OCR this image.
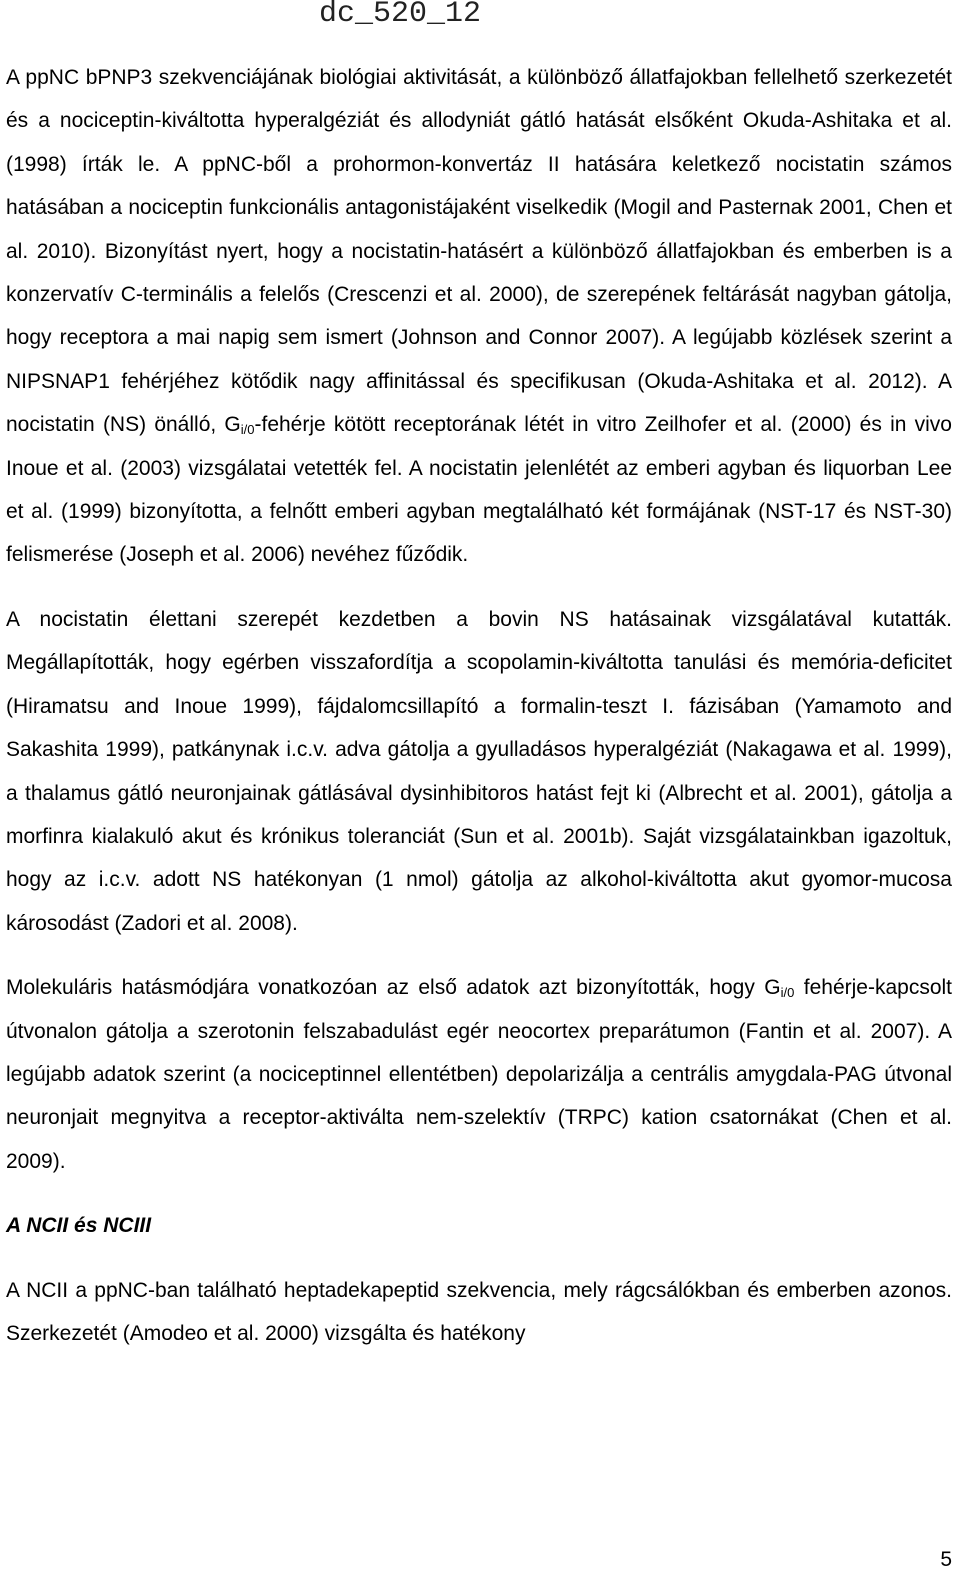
dc_520_12

A ppNC bPNP3 szekvenciájának biológiai aktivitását, a különböző állatfajokban fellelhető szerkezetét és a nociceptin-kiváltotta hyperalgéziát és allodyniát gátló hatását elsőként Okuda-Ashitaka et al.(1998) írták le. A ppNC-ből a prohormon-konvertáz II hatására keletkező nocistatin számos hatásában a nociceptin funkcionális antagonistájaként viselkedik (Mogil and Pasternak 2001, Chen et al. 2010). Bizonyítást nyert, hogy a nocistatin-hatásért a különböző állatfajokban és emberben is a konzervatív C-terminális a felelős (Crescenzi et al. 2000), de szerepének feltárását nagyban gátolja, hogy receptora a mai napig sem ismert (Johnson and Connor 2007). A legújabb közlések szerint a NIPSNAP1 fehérjéhez kötődik nagy affinitással és specifikusan (Okuda-Ashitaka et al. 2012). A nocistatin (NS) önálló, $G_{i/0}$-fehérje kötött receptorának létét in vitro Zeilhofer et al. (2000) és in vivo Inoue et al. (2003) vizsgálatai vetették fel. A nocistatin jelenlétét az emberi agyban és liquorban Lee et al. (1999) bizonyította, a felnőtt emberi agyban megtalálható két formájának (NST-17 és NST-30) felismerése (Joseph et al. 2006) nevéhez fűződik.

A nocistatin élettani szerepét kezdetben a bovin NS hatásainak vizsgálatával kutatták. Megállapították, hogy egérben visszafordítja a scopolamin-kiváltotta tanulási és memória-deficitet (Hiramatsu and Inoue 1999), fájdalomcsillapító a formalin-teszt I. fázisában (Yamamoto and Sakashita 1999), patkánynak i.c.v. adva gátolja a gyulladásos hyperalgéziát (Nakagawa et al. 1999), a thalamus gátló neuronjainak gátlásával dysinhibitoros hatást fejt ki (Albrecht et al. 2001), gátolja a morfinra kialakuló akut és krónikus toleranciát (Sun et al. 2001b). Saját vizsgálatainkban igazoltuk, hogy az i.c.v. adott NS hatékonyan (1 nmol) gátolja az alkohol-kiváltotta akut gyomor-mucosa károsodást (Zadori et al. 2008).

Molekuláris hatásmódjára vonatkozóan az első adatok azt bizonyították, hogy $G_{i/0}$ fehérje-kapcsolt útvonalon gátolja a szerotonin felszabadulást egér neocortex preparátumon (Fantin et al. 2007). A legújabb adatok szerint (a nociceptinnel ellentétben) depolarizálja a centrális amygdala-PAG útvonal neuronjait megnyitva a receptor-aktiválta nem-szelektív (TRPC) kation csatornákat (Chen et al. 2009).

A NCII és NCIII

A NCII a ppNC-ban található heptadekapeptid szekvencia, mely rágcsálókban és emberben azonos. Szerkezetét (Amodeo et al. 2000) vizsgálta és hatékony

5
